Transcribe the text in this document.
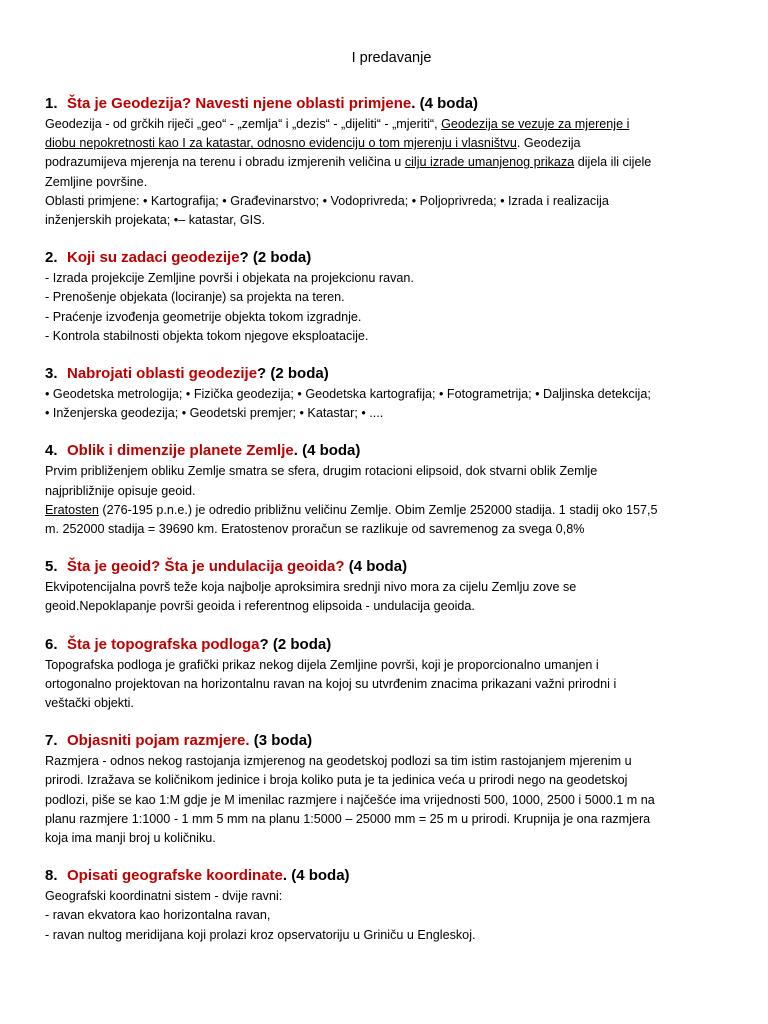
I predavanje
1. Šta je Geodezija? Navesti njene oblasti primjene. (4 boda)
Geodezija - od grčkih riječi „geo“ - „zemlja“ i „dezis“ - „dijeliti“ - „mjeriti“, Geodezija se vezuje za mjerenje i
diobu nepokretnosti kao I za katastar, odnosno evidenciju o tom mjerenju i vlasništvu. Geodezija
podrazumijeva mjerenja na terenu i obradu izmjerenih veličina u cilju izrade umanjenog prikaza dijela ili cijele
Zemljine površine.
Oblasti primjene: • Kartografija; • Građevinarstvo; • Vodoprivreda; • Poljoprivreda; • Izrada i realizacija
inženjerskih projekata; •– katastar, GIS.
2. Koji su zadaci geodezije? (2 boda)
- Izrada projekcije Zemljine površi i objekata na projekcionu ravan.
- Prenošenje objekata (lociranje) sa projekta na teren.
- Praćenje izvođenja geometrije objekta tokom izgradnje.
- Kontrola stabilnosti objekta tokom njegove eksploatacije.
3. Nabrojati oblasti geodezije? (2 boda)
• Geodetska metrologija; • Fizička geodezija; • Geodetska kartografija; • Fotogrametrija; • Daljinska detekcija;
• Inženjerska geodezija; • Geodetski premjer; • Katastar; • ....
4. Oblik i dimenzije planete Zemlje. (4 boda)
Prvim približenjem obliku Zemlje smatra se sfera, drugim rotacioni elipsoid, dok stvarni oblik Zemlje
najpribližnije opisuje geoid.
Eratosten (276-195 p.n.e.) je odredio približnu veličinu Zemlje. Obim Zemlje 252000 stadija. 1 stadij oko 157,5
m. 252000 stadija = 39690 km. Eratostenov proračun se razlikuje od savremenog za svega 0,8%
5. Šta je geoid? Šta je undulacija geoida? (4 boda)
Ekvipotencijalna površ teže koja najbolje aproksimira srednji nivo mora za cijelu Zemlju zove se
geoid.Nepoklapanje površi geoida i referentnog elipsoida - undulacija geoida.
6. Šta je topografska podloga? (2 boda)
Topografska podloga je grafički prikaz nekog dijela Zemljine površi, koji je proporcionalno umanjen i
ortogonalno projektovan na horizontalnu ravan na kojoj su utvrđenim znacima prikazani važni prirodni i
veštački objekti.
7. Objasniti pojam razmjere. (3 boda)
Razmjera - odnos nekog rastojanja izmjerenog na geodetskoj podlozi sa tim istim rastojanjem mjerenim u
prirodi. Izražava se količnikom jedinice i broja koliko puta je ta jedinica veća u prirodi nego na geodetskoj
podlozi, piše se kao 1:M gdje je M imenilac razmjere i najčešće ima vrijednosti 500, 1000, 2500 i 5000.1 m na
planu razmjere 1:1000 - 1 mm 5 mm na planu 1:5000 – 25000 mm = 25 m u prirodi. Krupnija je ona razmjera
koja ima manji broj u količniku.
8. Opisati geografske koordinate. (4 boda)
Geografski koordinatni sistem - dvije ravni:
- ravan ekvatora kao horizontalna ravan,
- ravan nultog meridijana koji prolazi kroz opservatoriju u Griniču u Engleskoj.
